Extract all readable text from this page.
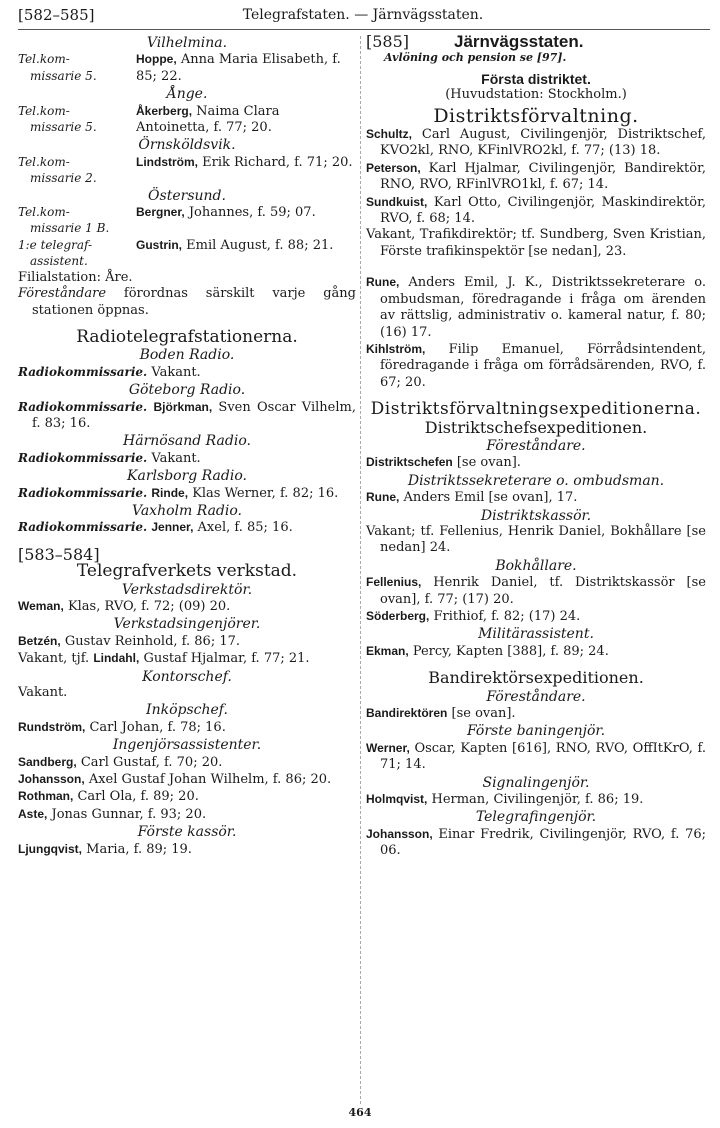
[582–585]	Telegrafstaten. — Järnvägsstaten.
Vilhelmina.
Tel.kom-
missarie 5.
Hoppe, Anna Maria Elisabeth, f. 85; 22.
Ånge.
Tel.kom-
missarie 5.
Åkerberg, Naima Clara Antoinetta, f. 77; 20.
Örnsköldsvik.
Tel.kom-
missarie 2.
Lindström, Erik Richard, f. 71; 20.
Östersund.
Tel.kom-
missarie 1 B.
Bergner, Johannes, f. 59; 07.
1:e telegraf-
assistent.
Gustrin, Emil August, f. 88; 21.
Filialstation: Åre.
Föreståndare förordnas särskilt varje gång stationen öppnas.
Radiotelegrafstationerna.
Boden Radio.
Radiokommissarie. Vakant.
Göteborg Radio.
Radiokommissarie. Björkman, Sven Oscar Vilhelm, f. 83; 16.
Härnösand Radio.
Radiokommissarie. Vakant.
Karlsborg Radio.
Radiokommissarie. Rinde, Klas Werner, f. 82; 16.
Vaxholm Radio.
Radiokommissarie. Jenner, Axel, f. 85; 16.
[583–584]
Telegrafverkets verkstad.
Verkstadsdirektör.
Weman, Klas, RVO, f. 72; (09) 20.
Verkstadsingenjörer.
Betzén, Gustav Reinhold, f. 86; 17.
Vakant, tjf. Lindahl, Gustaf Hjalmar, f. 77; 21.
Kontorschef.
Vakant.
Inköpschef.
Rundström, Carl Johan, f. 78; 16.
Ingenjörsassistenter.
Sandberg, Carl Gustaf, f. 70; 20.
Johansson, Axel Gustaf Johan Wilhelm, f. 86; 20.
Rothman, Carl Ola, f. 89; 20.
Aste, Jonas Gunnar, f. 93; 20.
Förste kassör.
Ljungqvist, Maria, f. 89; 19.
[585]	Järnvägsstaten.
Avlöning och pension se [97].
Första distriktet.
(Huvudstation: Stockholm.)
Distriktsförvaltning.
Schultz, Carl August, Civilingenjör, Distriktschef, KVO2kl, RNO, KFinlVRO2kl, f. 77; (13) 18.
Peterson, Karl Hjalmar, Civilingenjör, Bandirektör, RNO, RVO, RFinlVRO1kl, f. 67; 14.
Sundkuist, Karl Otto, Civilingenjör, Maskindirektör, RVO, f. 68; 14.
Vakant, Trafikdirektör; tf. Sundberg, Sven Kristian, Förste trafikinspektör [se nedan], 23.
Rune, Anders Emil, J. K., Distriktssekreterare o. ombudsman, föredragande i fråga om ärenden av rättslig, administrativ o. kameral natur, f. 80; (16) 17.
Kihlström, Filip Emanuel, Förrådsintendent, föredragande i fråga om förrådsärenden, RVO, f. 67; 20.
Distriktsförvaltningsexpeditionerna.
Distriktschefsexpeditionen.
Föreståndare.
Distriktschefen [se ovan].
Distriktssekreterare o. ombudsman.
Rune, Anders Emil [se ovan], 17.
Distriktskassör.
Vakant; tf. Fellenius, Henrik Daniel, Bokhållare [se nedan] 24.
Bokhållare.
Fellenius, Henrik Daniel, tf. Distriktskassör [se ovan], f. 77; (17) 20.
Söderberg, Frithiof, f. 82; (17) 24.
Militärassistent.
Ekman, Percy, Kapten [388], f. 89; 24.
Bandirektörsexpeditionen.
Föreståndare.
Bandirektören [se ovan].
Förste baningenjör.
Werner, Oscar, Kapten [616], RNO, RVO, OffItKrO, f. 71; 14.
Signalingenjör.
Holmqvist, Herman, Civilingenjör, f. 86; 19.
Telegrafingenjör.
Johansson, Einar Fredrik, Civilingenjör, RVO, f. 76; 06.
464
